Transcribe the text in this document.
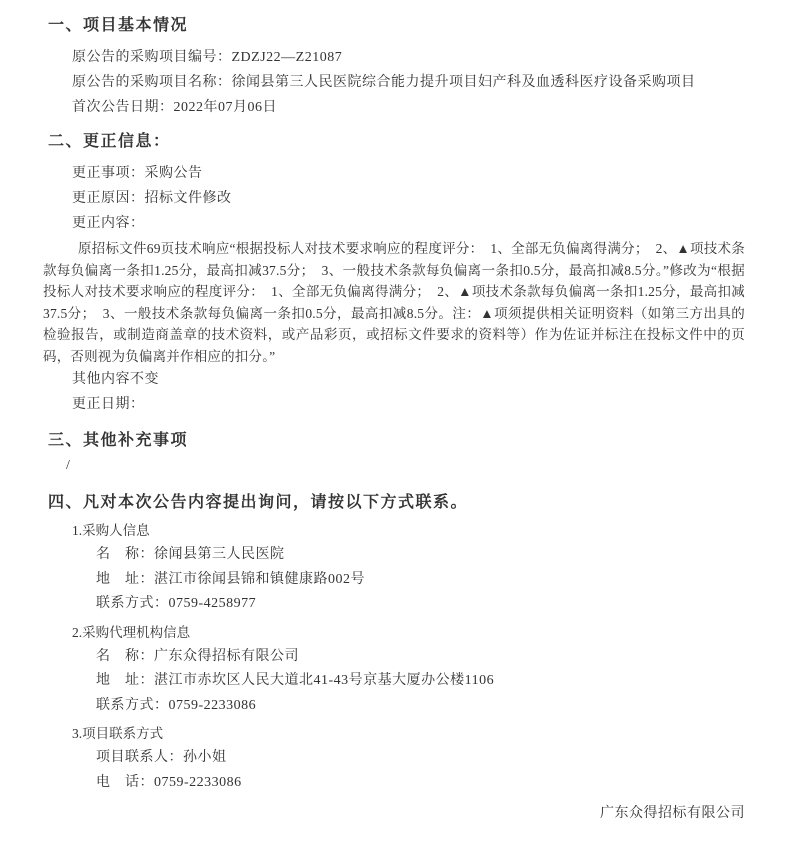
一、项目基本情况

原公告的采购项目编号：ZDZJ22—Z21087

原公告的采购项目名称：徐闻县第三人民医院综合能力提升项目妇产科及血透科医疗设备采购项目

首次公告日期：2022年07月06日

二、更正信息：

更正事项：采购公告

更正原因：招标文件修改

更正内容：

原招标文件69页技术响应“根据投标人对技术要求响应的程度评分：　1、全部无负偏离得满分；　2、▲项技术条款每负偏离一条扣1.25分，最高扣减37.5分；　3、一般技术条款每负偏离一条扣0.5分，最高扣减8.5分。”修改为“根据投标人对技术要求响应的程度评分：　1、全部无负偏离得满分；　2、▲项技术条款每负偏离一条扣1.25分，最高扣减37.5分；　3、一般技术条款每负偏离一条扣0.5分，最高扣减8.5分。注：▲项须提供相关证明资料（如第三方出具的检验报告，或制造商盖章的技术资料，或产品彩页，或招标文件要求的资料等）作为佐证并标注在投标文件中的页码，否则视为负偏离并作相应的扣分。”

其他内容不变

更正日期：

三、其他补充事项

/

四、凡对本次公告内容提出询问，请按以下方式联系。

1.采购人信息

名　称：徐闻县第三人民医院

地　址：湛江市徐闻县锦和镇健康路002号

联系方式：0759-4258977

2.采购代理机构信息

名　称：广东众得招标有限公司

地　址：湛江市赤坎区人民大道北41-43号京基大厦办公楼1106

联系方式：0759-2233086

3.项目联系方式

项目联系人：孙小姐

电　话：0759-2233086

广东众得招标有限公司
